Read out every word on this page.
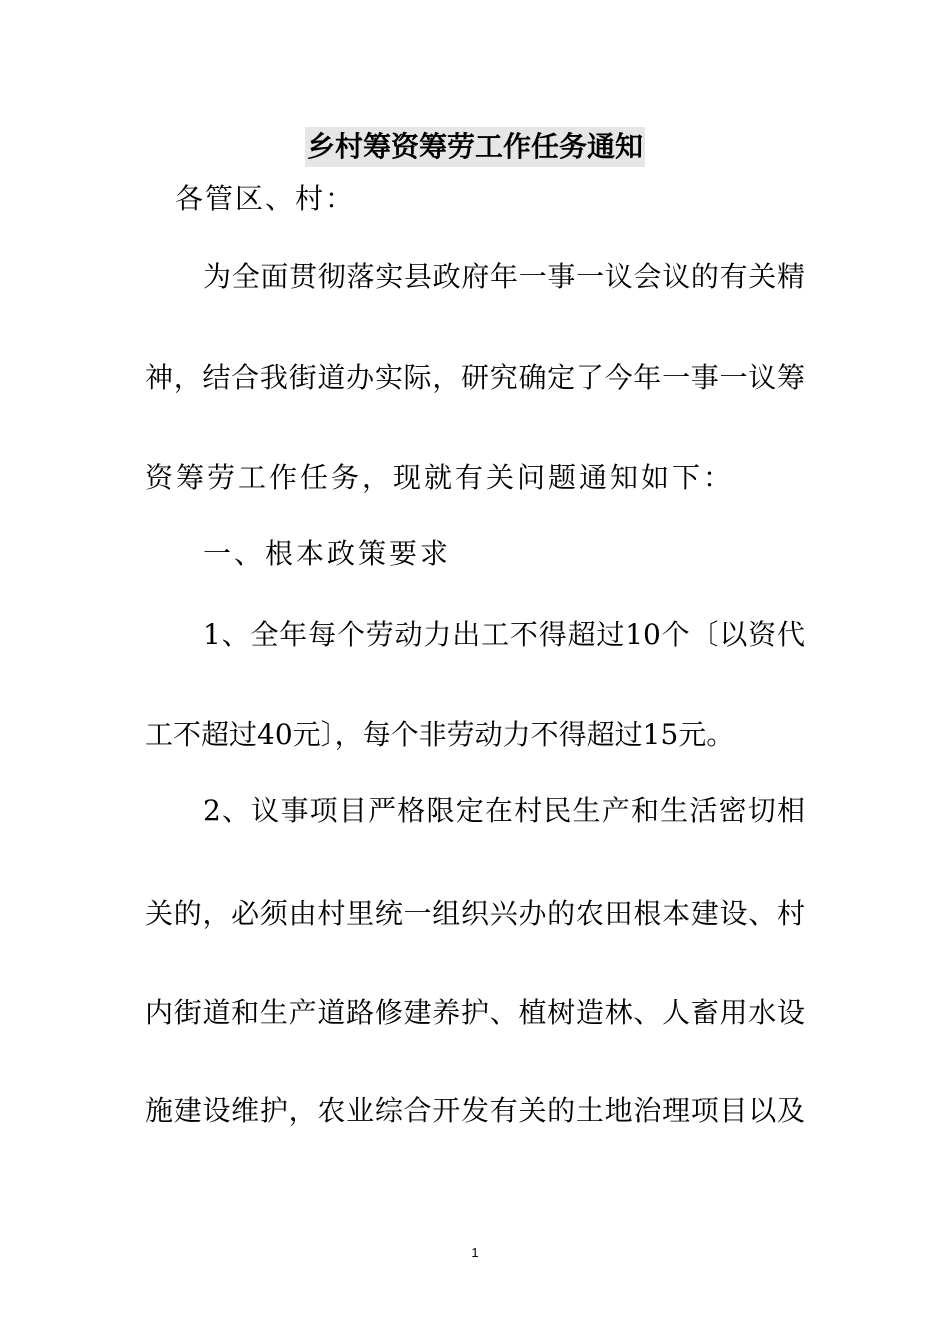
乡村筹资筹劳工作任务通知
各管区、村：
为全面贯彻落实县政府年一事一议会议的有关精
神，结合我街道办实际，研究确定了今年一事一议筹
资筹劳工作任务，现就有关问题通知如下：
一、根本政策要求
1、全年每个劳动力出工不得超过10个〔以资代
工不超过40元〕，每个非劳动力不得超过15元。
2、议事项目严格限定在村民生产和生活密切相
关的，必须由村里统一组织兴办的农田根本建设、村
内街道和生产道路修建养护、植树造林、人畜用水设
施建设维护，农业综合开发有关的土地治理项目以及
1
